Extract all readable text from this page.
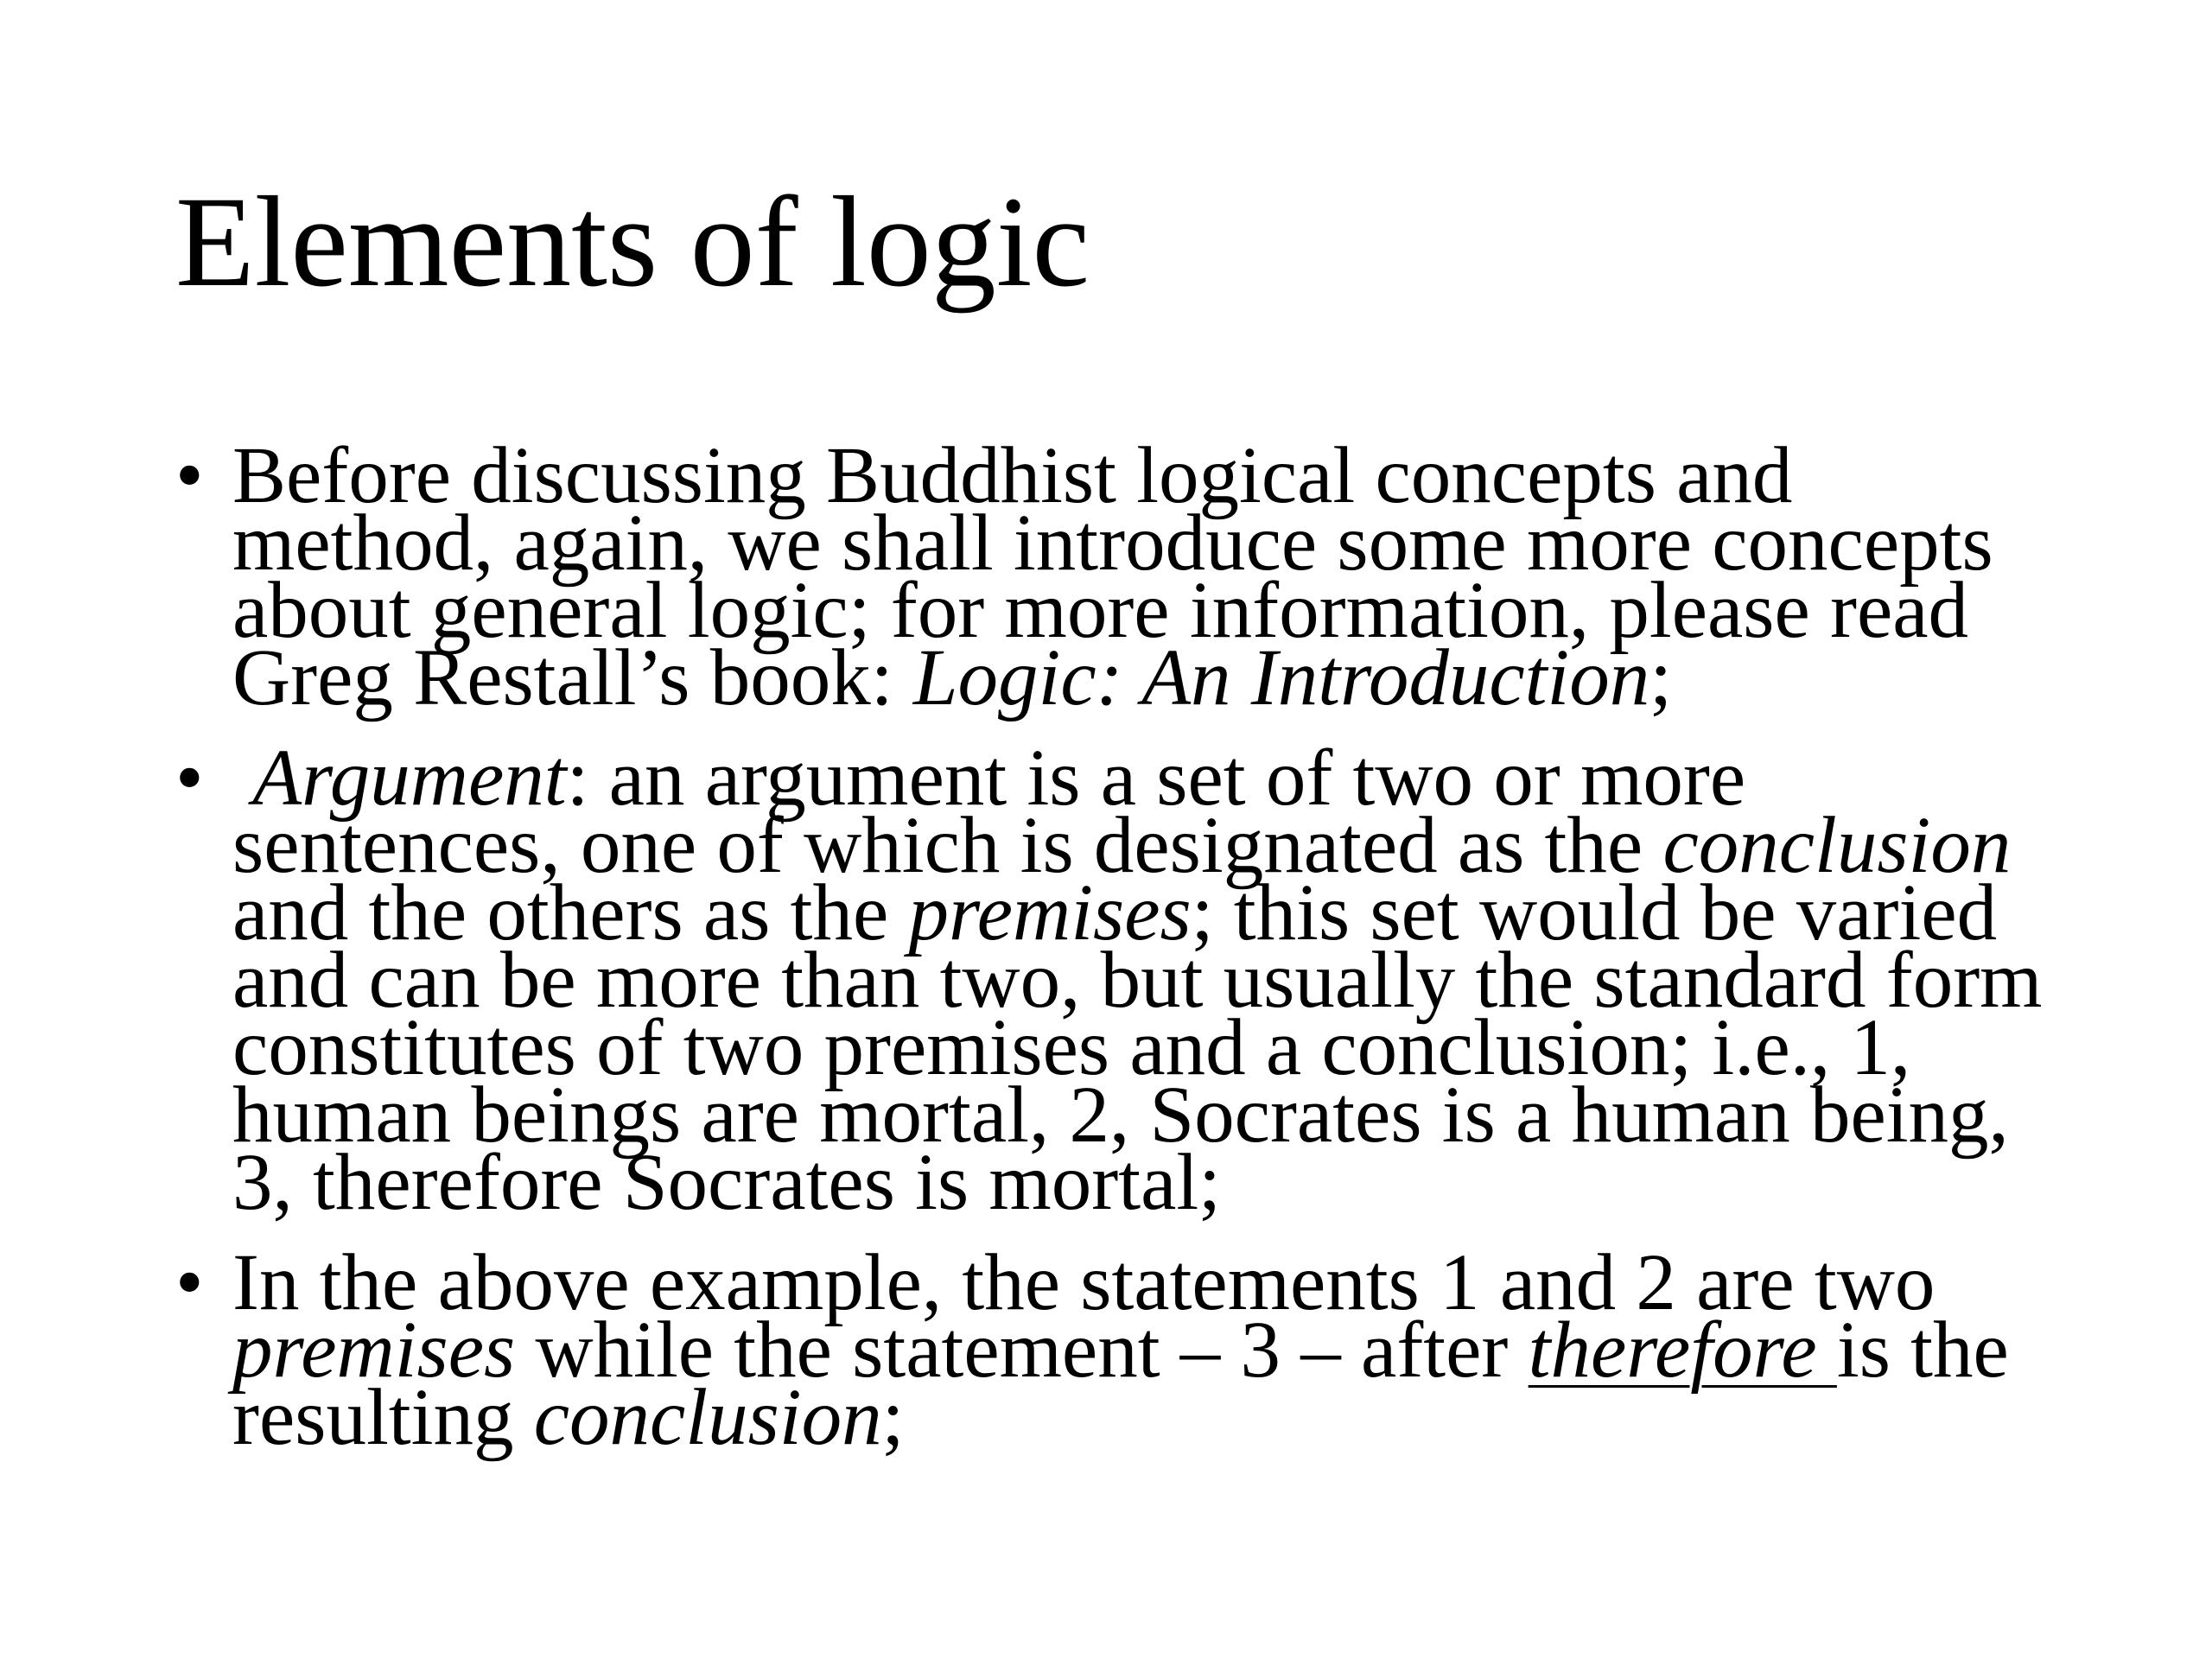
Elements of logic
• Before discussing Buddhist logical concepts and
method, again, we shall introduce some more concepts
about general logic; for more information, please read
Greg Restall’s book: Logic: An Introduction;
• Argument: an argument is a set of two or more
sentences, one of which is designated as the conclusion
and the others as the premises; this set would be varied
and can be more than two, but usually the standard form
constitutes of two premises and a conclusion; i.e., 1,
human beings are mortal, 2, Socrates is a human being,
3, therefore Socrates is mortal;
• In the above example, the statements 1 and 2 are two
premises while the statement – 3 – after therefore is the
resulting conclusion;
